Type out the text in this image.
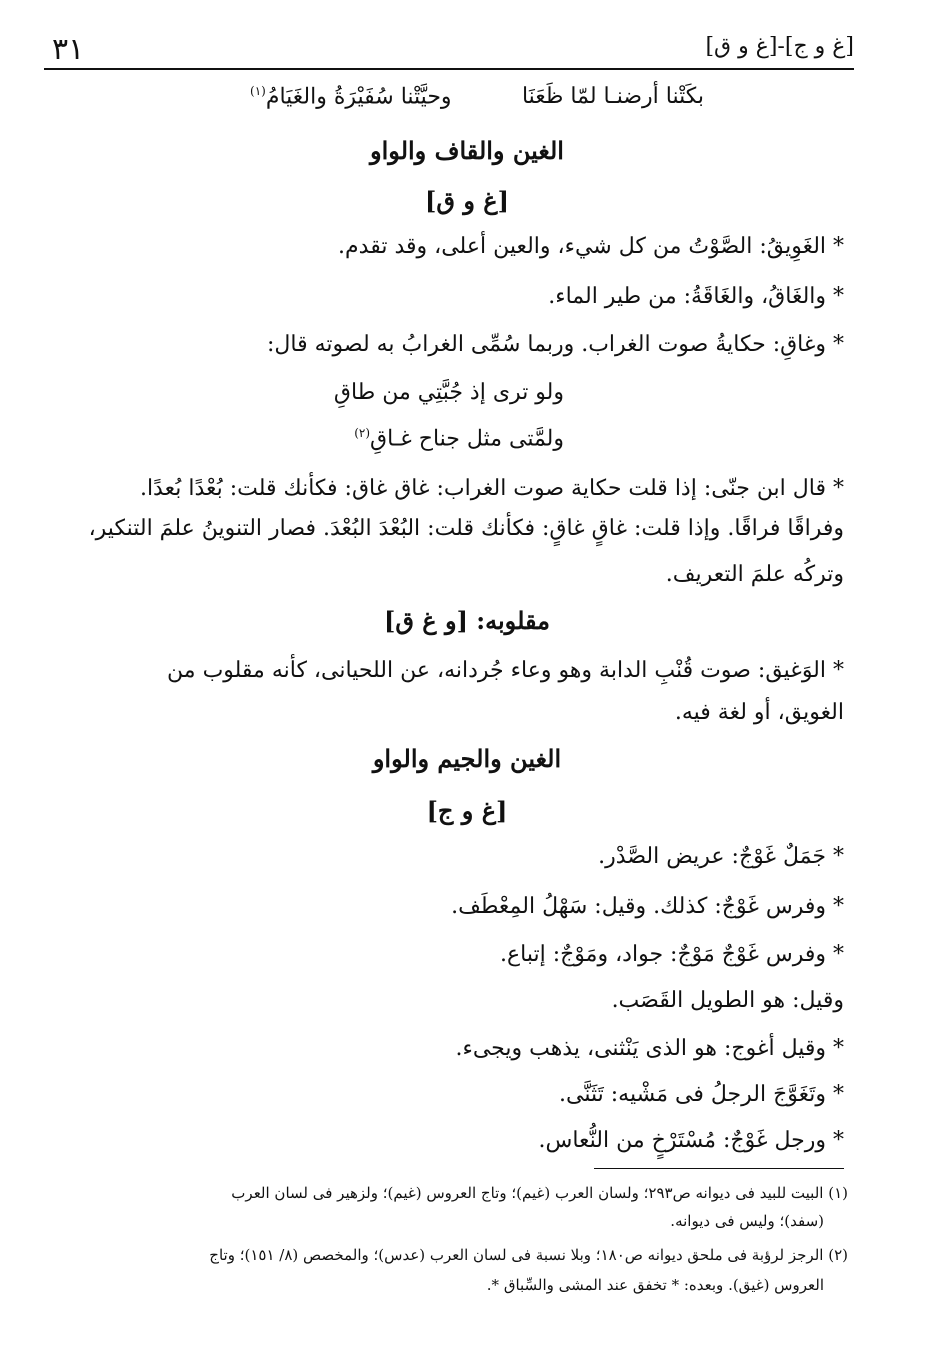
[غ و ق]-[غ و ج]
٣١
بكَتْنا أرضنـا لمّا ظَعَنَا
وحيَّتْنا سُفَيْرَةُ والغَيَامُ$^{(١)}$
الغين والقاف والواو
[غ و ق]
* الغَوِيقُ: الصَّوْتُ من كل شيء، والعين أعلى، وقد تقدم.
* والغَاقُ، والغَاقَةُ: من طير الماء.
* وغاقِ: حكايةُ صوت الغراب. وربما سُمِّى الغرابُ به لصوته قال:
ولو ترى إذ جُبَّتِي من طاقِ
ولمَّتى مثل جناح غـاقِ$^{(٢)}$
* قال ابن جنّى: إذا قلت حكاية صوت الغراب: غاق غاق: فكأنك قلت: بُعْدًا بُعدًا.
وفراقًا فراقًا. وإذا قلت: غاقٍ غاقٍ: فكأنك قلت: البُعْدَ البُعْدَ. فصار التنوينُ علمَ التنكير،
وتركُه علمَ التعريف.
مقلوبه: [و غ ق]
* الوَغيق: صوت قُنْبِ الدابة وهو وعاء جُردانه، عن اللحيانى، كأنه مقلوب من
الغويق، أو لغة فيه.
الغين والجيم والواو
[غ و ج]
* جَمَلٌ غَوْجٌ: عريض الصَّدْر.
* وفرس غَوْجٌ: كذلك. وقيل: سَهْلُ المِعْطَف.
* وفرس غَوْجٌ مَوْجٌ: جواد، ومَوْجٌ: إتباع.
وقيل: هو الطويل القَصَب.
* وقيل أغوج: هو الذى يَنْثنى، يذهب ويجىء.
* وتَغَوَّجَ الرجلُ فى مَشْيه: تَثَنَّى.
* ورجل غَوْجٌ: مُسْتَرْخٍ من النُّعاس.
(١) البيت للبيد فى ديوانه ص٢٩٣؛ ولسان العرب (غيم)؛ وتاج العروس (غيم)؛ ولزهير فى لسان العرب
(سفد)؛ وليس فى ديوانه.
(٢) الرجز لرؤبة فى ملحق ديوانه ص١٨٠؛ وبلا نسبة فى لسان العرب (عدس)؛ والمخصص (٨/ ١٥١)؛ وتاج
العروس (غيق). وبعده: * تخفق عند المشى والسِّباق *.
